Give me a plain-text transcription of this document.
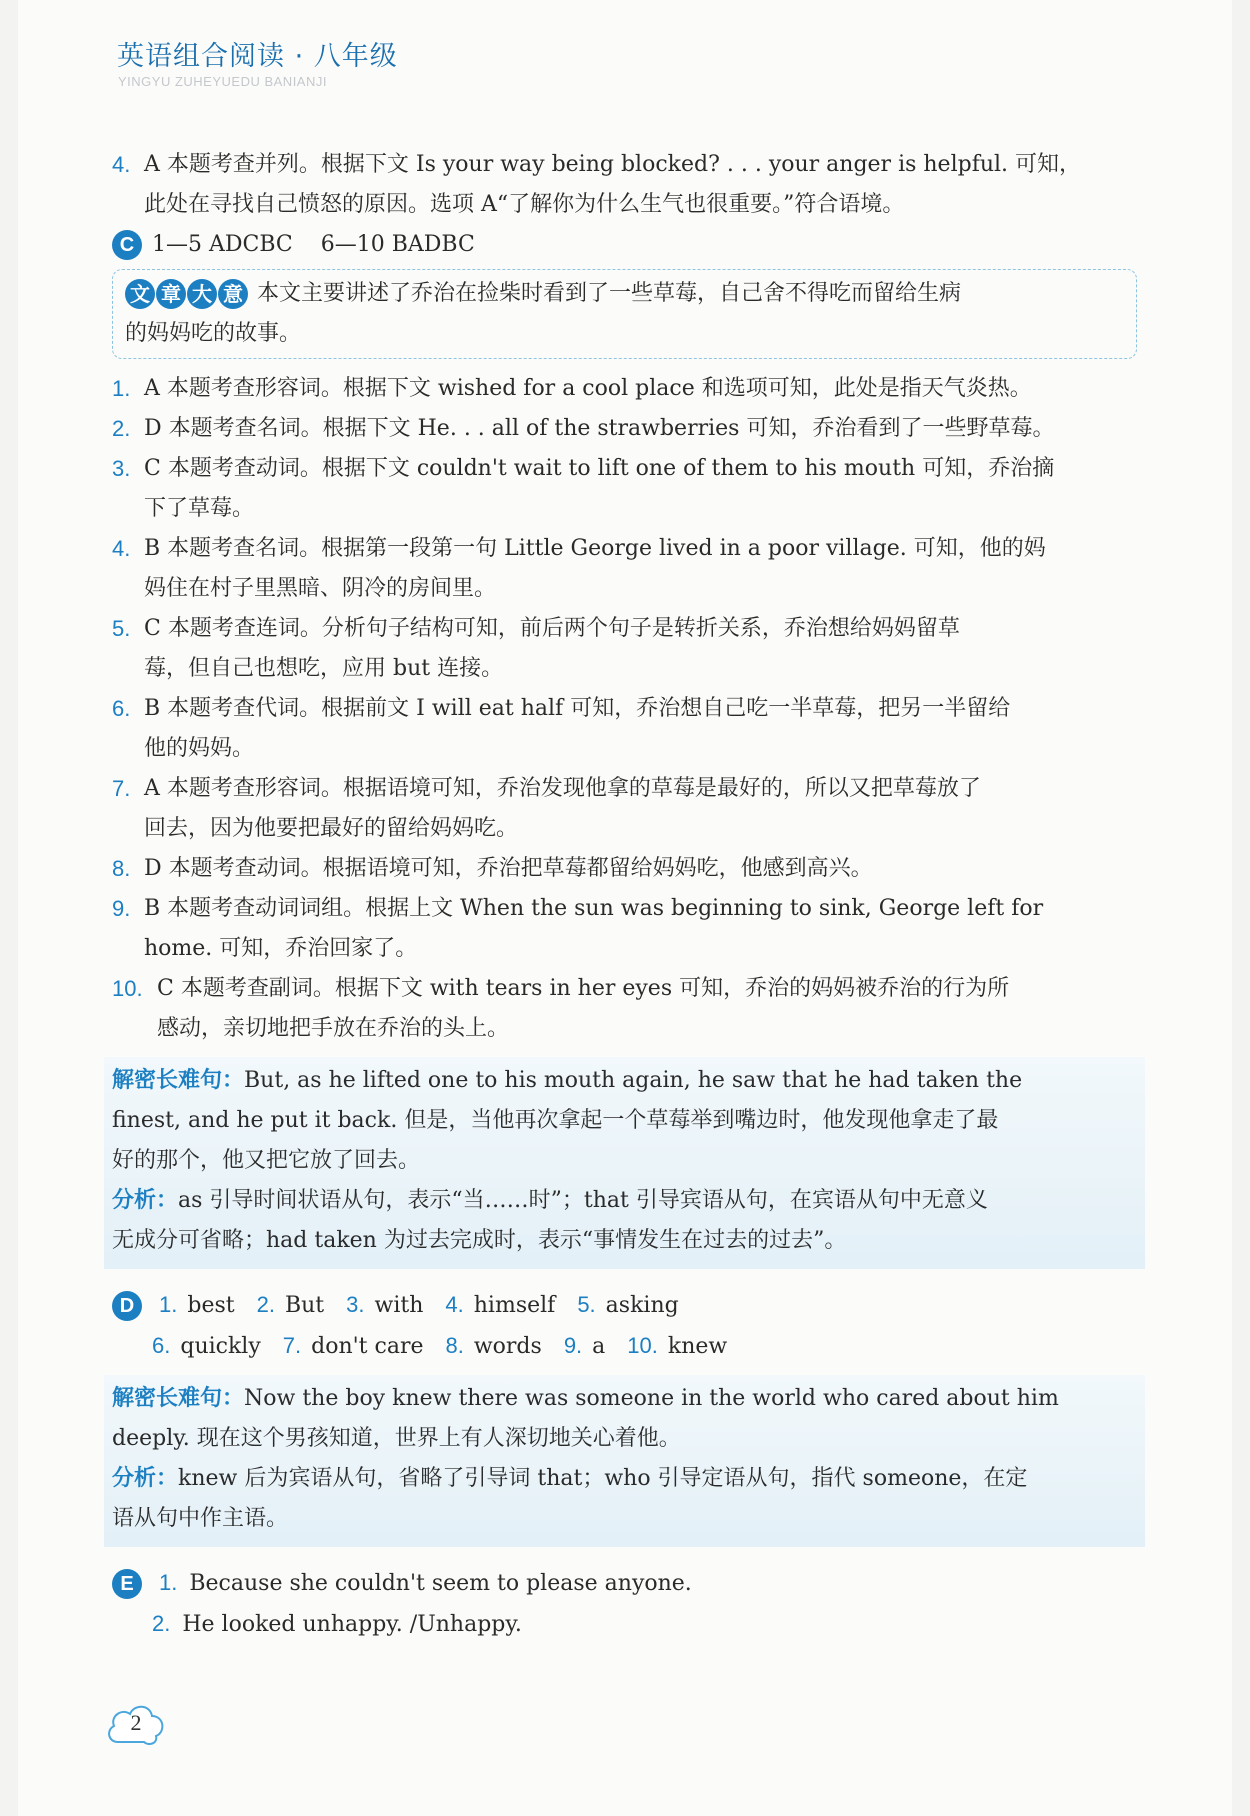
英语组合阅读 · 八年级
YINGYU ZUHEYUEDU BANIANJI
4. A 本题考查并列。根据下文 Is your way being blocked? . . . your anger is helpful. 可知，
此处在寻找自己愤怒的原因。选项 A“了解你为什么生气也很重要。”符合语境。
C 1—5 ADCBC    6—10 BADBC
文 章 大 意 本文主要讲述了乔治在捡柴时看到了一些草莓，自己舍不得吃而留给生病
的妈妈吃的故事。
1. A 本题考查形容词。根据下文 wished for a cool place 和选项可知，此处是指天气炎热。
2. D 本题考查名词。根据下文 He. . . all of the strawberries 可知，乔治看到了一些野草莓。
3. C 本题考查动词。根据下文 couldn't wait to lift one of them to his mouth 可知，乔治摘
下了草莓。
4. B 本题考查名词。根据第一段第一句 Little George lived in a poor village. 可知，他的妈
妈住在村子里黑暗、阴冷的房间里。
5. C 本题考查连词。分析句子结构可知，前后两个句子是转折关系，乔治想给妈妈留草
莓，但自己也想吃，应用 but 连接。
6. B 本题考查代词。根据前文 I will eat half 可知，乔治想自己吃一半草莓，把另一半留给
他的妈妈。
7. A 本题考查形容词。根据语境可知，乔治发现他拿的草莓是最好的，所以又把草莓放了
回去，因为他要把最好的留给妈妈吃。
8. D 本题考查动词。根据语境可知，乔治把草莓都留给妈妈吃，他感到高兴。
9. B 本题考查动词词组。根据上文 When the sun was beginning to sink, George left for
home. 可知，乔治回家了。
10. C 本题考查副词。根据下文 with tears in her eyes 可知，乔治的妈妈被乔治的行为所
感动，亲切地把手放在乔治的头上。
解密长难句：But, as he lifted one to his mouth again, he saw that he had taken the
finest, and he put it back. 但是，当他再次拿起一个草莓举到嘴边时，他发现他拿走了最
好的那个，他又把它放了回去。
分析：as 引导时间状语从句，表示“当……时”；that 引导宾语从句，在宾语从句中无意义
无成分可省略；had taken 为过去完成时，表示“事情发生在过去的过去”。
D 1. best 2. But 3. with 4. himself 5. asking
6. quickly 7. don't care 8. words 9. a 10. knew
解密长难句：Now the boy knew there was someone in the world who cared about him
deeply. 现在这个男孩知道，世界上有人深切地关心着他。
分析：knew 后为宾语从句，省略了引导词 that；who 引导定语从句，指代 someone，在定
语从句中作主语。
E 1. Because she couldn't seem to please anyone.
2. He looked unhappy. /Unhappy.
2
